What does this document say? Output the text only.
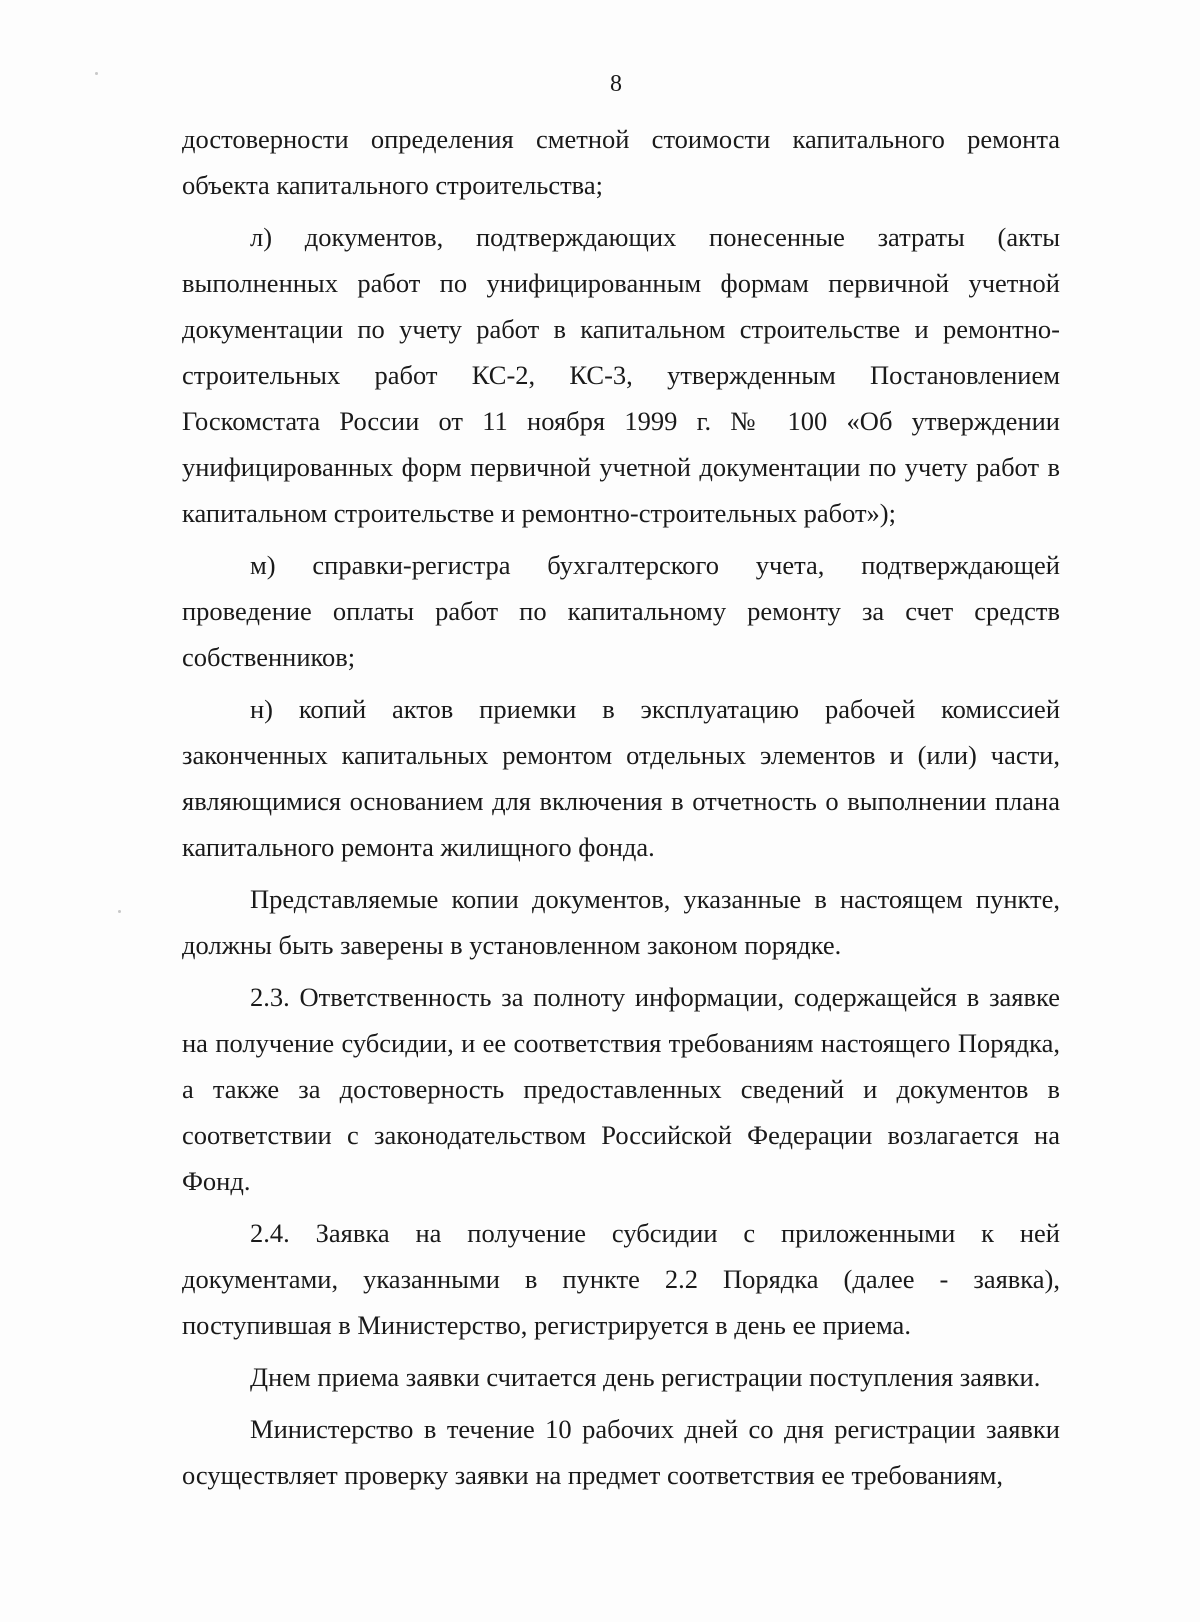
8

достоверности определения сметной стоимости капитального ремонта объекта капитального строительства;

л) документов, подтверждающих понесенные затраты (акты выполненных работ по унифицированным формам первичной учетной документации по учету работ в капитальном строительстве и ремонтно-строительных работ КС-2, КС-3, утвержденным Постановлением Госкомстата России от 11 ноября 1999 г. № 100 «Об утверждении унифицированных форм первичной учетной документации по учету работ в капитальном строительстве и ремонтно-строительных работ»);

м) справки-регистра бухгалтерского учета, подтверждающей проведение оплаты работ по капитальному ремонту за счет средств собственников;

н) копий актов приемки в эксплуатацию рабочей комиссией законченных капитальных ремонтом отдельных элементов и (или) части, являющимися основанием для включения в отчетность о выполнении плана капитального ремонта жилищного фонда.

Представляемые копии документов, указанные в настоящем пункте, должны быть заверены в установленном законом порядке.

2.3. Ответственность за полноту информации, содержащейся в заявке на получение субсидии, и ее соответствия требованиям настоящего Порядка, а также за достоверность предоставленных сведений и документов в соответствии с законодательством Российской Федерации возлагается на Фонд.

2.4. Заявка на получение субсидии с приложенными к ней документами, указанными в пункте 2.2 Порядка (далее - заявка), поступившая в Министерство, регистрируется в день ее приема.

Днем приема заявки считается день регистрации поступления заявки.

Министерство в течение 10 рабочих дней со дня регистрации заявки осуществляет проверку заявки на предмет соответствия ее требованиям,
